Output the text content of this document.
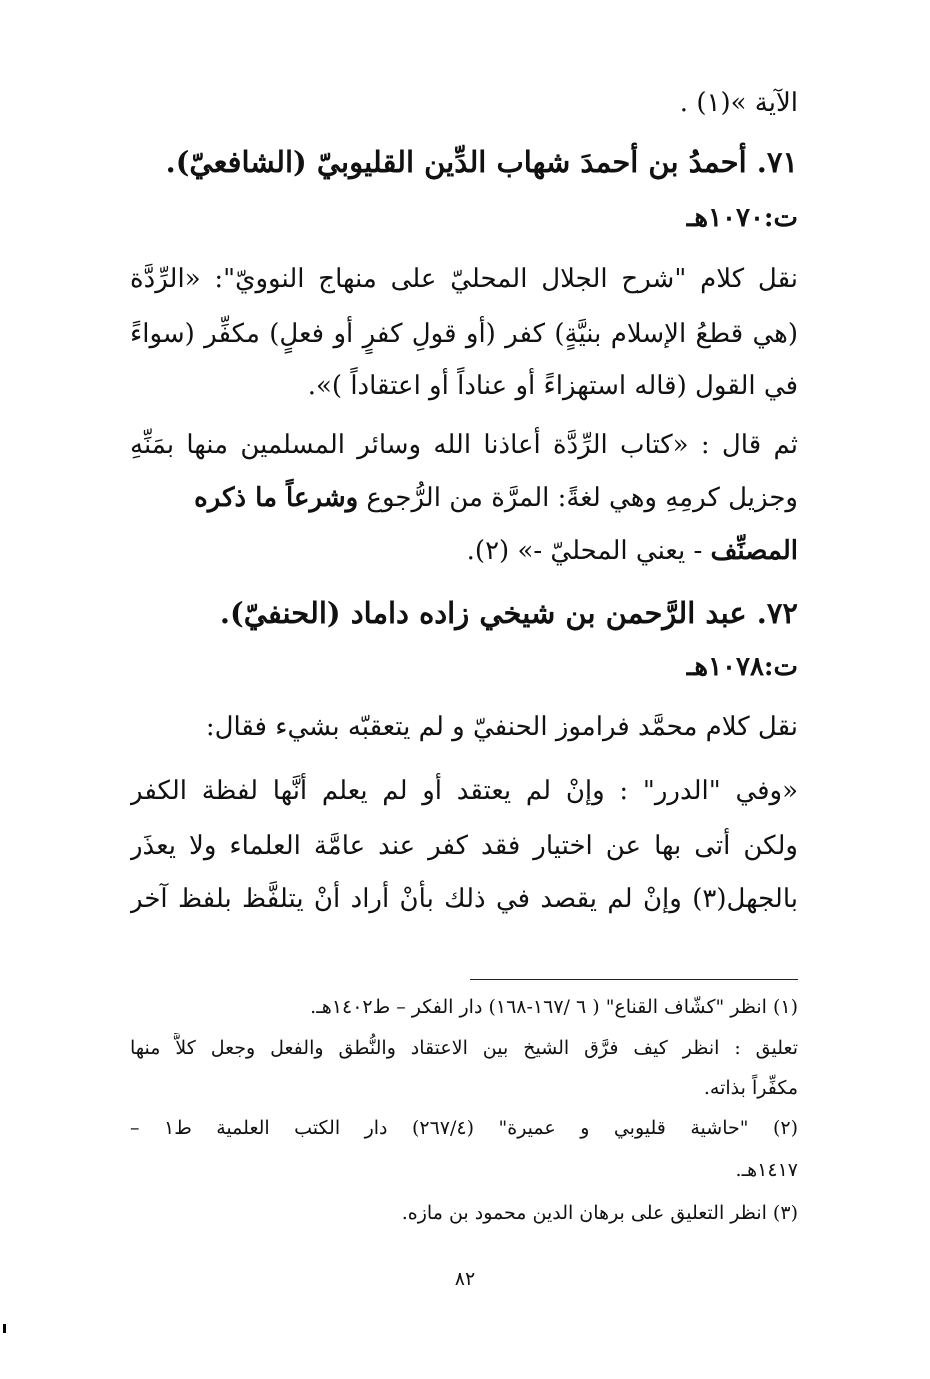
الآية »(١) .
٧١. أحمدُ بن أحمدَ شهاب الدِّين القليوبيّ (الشافعيّ).
ت:١٠٧٠هـ
نقل كلام "شرح الجلال المحليّ على منهاج النوويّ": «الرِّدَّة
(هي قطعُ الإسلام بنيَّةٍ) كفر (أو قولِ كفرٍ أو فعلٍ) مكفِّر (سواءً
في القول (قاله استهزاءً أو عناداً أو اعتقاداً )».
ثم قال : «كتاب الرِّدَّة أعاذنا الله وسائر المسلمين منها بمَنِّهِ
وجزيل كرمِهِ وهي لغةً: المرَّة من الرُّجوع وشرعاً ما ذكره
المصنِّف - يعني المحليّ -» (٢).
٧٢. عبد الرَّحمن بن شيخي زاده داماد (الحنفيّ).
ت:١٠٧٨هـ
نقل كلام محمَّد فراموز الحنفيّ و لم يتعقبّه بشيء فقال:
«وفي "الدرر" : وإنْ لم يعتقد أو لم يعلم أنَّها لفظة الكفر
ولكن أتى بها عن اختيار فقد كفر عند عامَّة العلماء ولا يعذَر
بالجهل(٣) وإنْ لم يقصد في ذلك بأنْ أراد أنْ يتلفَّظ بلفظ آخر
(١) انظر "كشّاف القناع" ( ٦ /١٦٧-١٦٨) دار الفكر – ط١٤٠٢هـ.
تعليق : انظر كيف فرَّق الشيخ بين الاعتقاد والنُّطق والفعل وجعل كلاًّ منها
مكفِّراً بذاته.
(٢) "حاشية قليوبي و عميرة" (٢٦٧/٤) دار الكتب العلمية ط١ –
١٤١٧هـ.
(٣) انظر التعليق على برهان الدين محمود بن مازه.
٨٢
